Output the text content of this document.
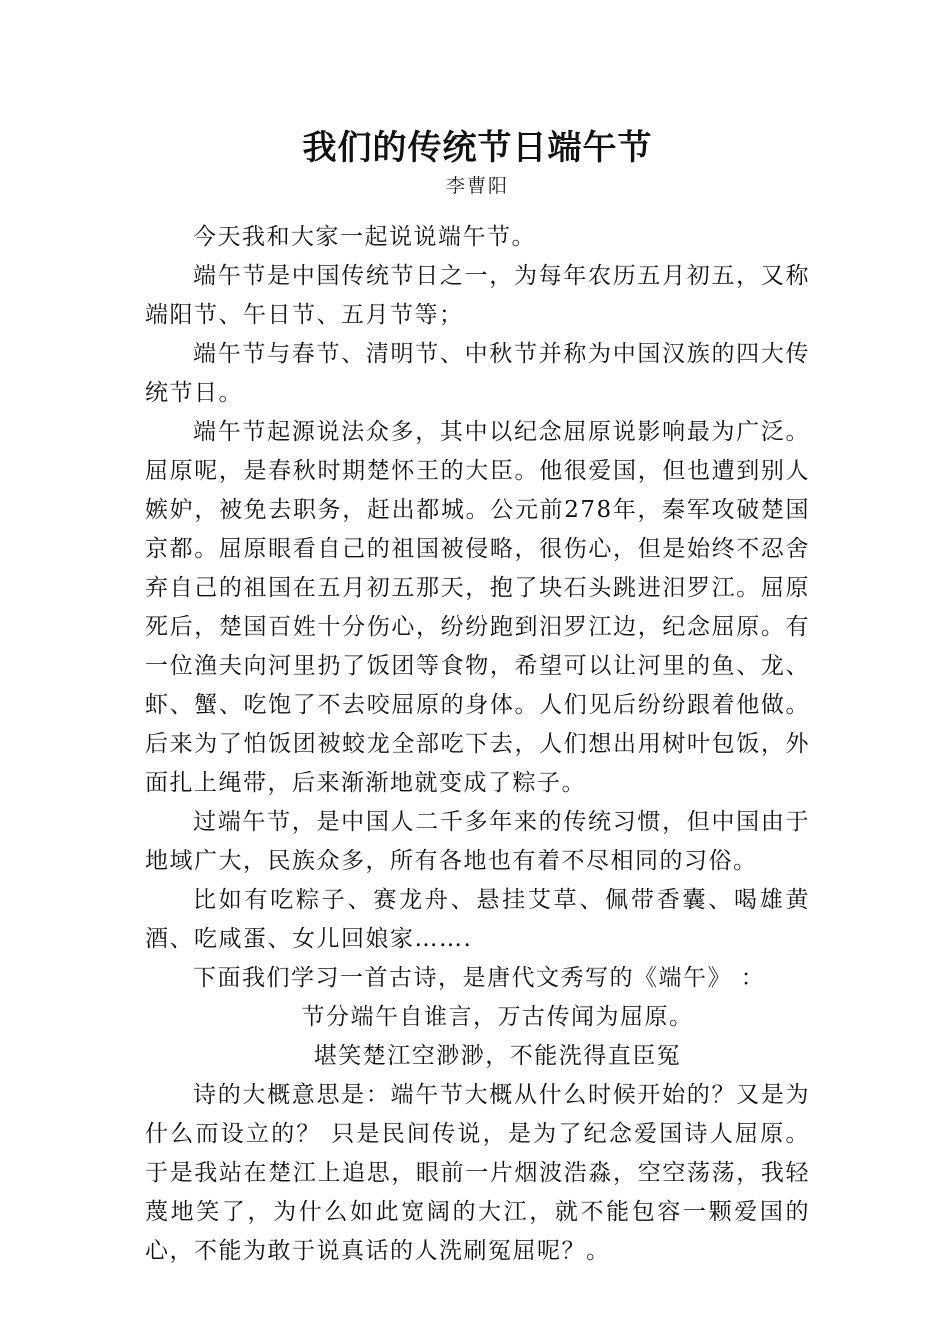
我们的传统节日端午节
李曹阳

今天我和大家一起说说端午节。

端午节是中国传统节日之一，为每年农历五月初五，又称端阳节、午日节、五月节等；

端午节与春节、清明节、中秋节并称为中国汉族的四大传统节日。

端午节起源说法众多，其中以纪念屈原说影响最为广泛。屈原呢，是春秋时期楚怀王的大臣。他很爱国，但也遭到别人嫉妒，被免去职务，赶出都城。公元前278年，秦军攻破楚国京都。屈原眼看自己的祖国被侵略，很伤心，但是始终不忍舍弃自己的祖国在五月初五那天，抱了块石头跳进汨罗江。屈原死后，楚国百姓十分伤心，纷纷跑到汨罗江边，纪念屈原。有一位渔夫向河里扔了饭团等食物，希望可以让河里的鱼、龙、虾、蟹、吃饱了不去咬屈原的身体。人们见后纷纷跟着他做。后来为了怕饭团被蛟龙全部吃下去，人们想出用树叶包饭，外面扎上绳带，后来渐渐地就变成了粽子。

过端午节，是中国人二千多年来的传统习惯，但中国由于地域广大，民族众多，所有各地也有着不尽相同的习俗。

比如有吃粽子、赛龙舟、悬挂艾草、佩带香囊、喝雄黄酒、吃咸蛋、女儿回娘家…….

下面我们学习一首古诗，是唐代文秀写的《端午》 ：

节分端午自谁言，万古传闻为屈原。

堪笑楚江空渺渺，不能洗得直臣冤

诗的大概意思是：端午节大概从什么时候开始的？又是为什么而设立的？ 只是民间传说，是为了纪念爱国诗人屈原。于是我站在楚江上追思，眼前一片烟波浩淼，空空荡荡，我轻蔑地笑了，为什么如此宽阔的大江，就不能包容一颗爱国的心，不能为敢于说真话的人洗刷冤屈呢？。
